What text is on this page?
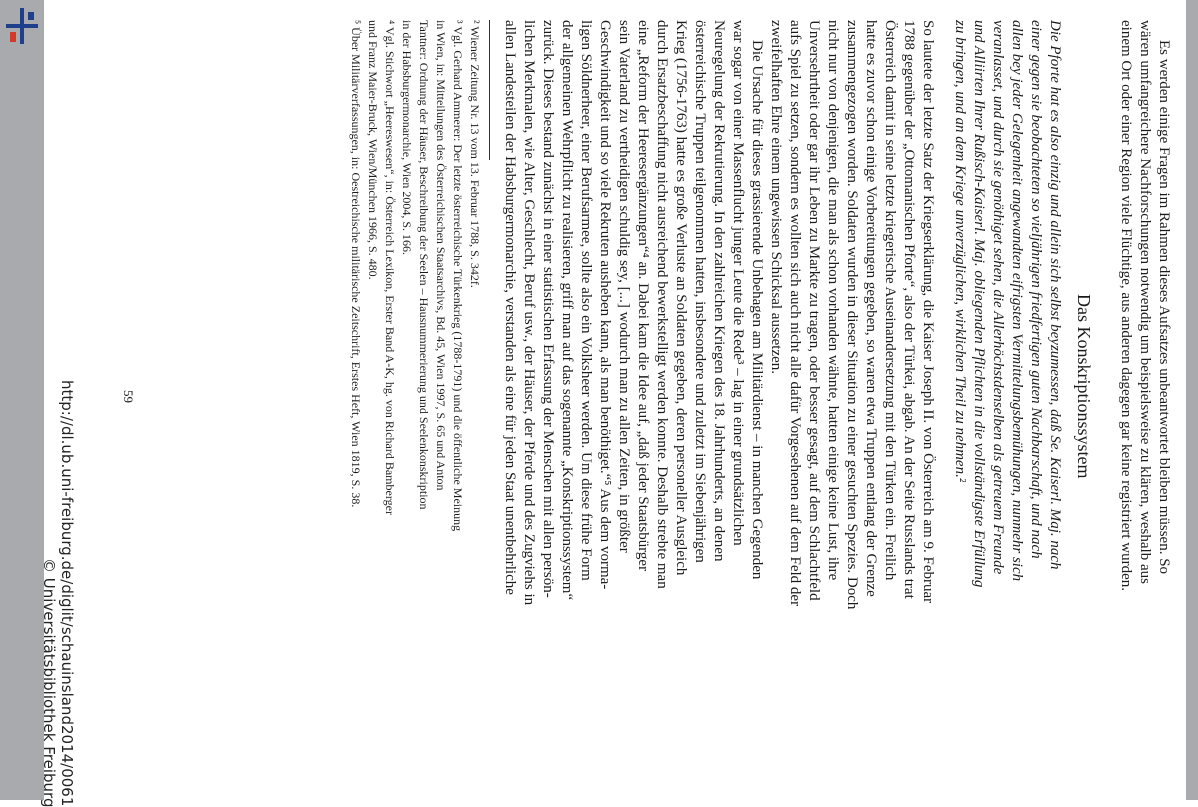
Es werden einige Fragen im Rahmen dieses Aufsatzes unbeantwortet bleiben müssen. So
wären umfangreichere Nachforschungen notwendig um beispielsweise zu klären, weshalb aus
einem Ort oder einer Region viele Flüchtige, aus anderen dagegen gar keine registriert wurden.
Das Konskriptionssystem
Die Pforte hat es also einzig und allein sich selbst beyzumessen, daß Se. Kaiserl. Maj. nach
einer gegen sie beobachteten so vieljährigen friedfertigen guten Nachbarschaft, und nach
allen bey jeder Gelegenheit angewandten eifrigsten Vermittelungsbemühungen, nunmehr sich
veranlasset, und durch sie genöthiget sehen, die Allerhöchstdenselben als getreuem Freunde
und Alliirten Ihrer Rußisch-Kaiserl. Maj. obliegenden Pflichten in die vollständigste Erfüllung
zu bringen, und an dem Kriege unverzüglichen, wirklichen Theil zu nehmen.²
So lautete der letzte Satz der Kriegserklärung, die Kaiser Joseph II. von Österreich am 9. Februar
1788 gegenüber der „Ottomanischen Pforte“, also der Türkei, abgab. An der Seite Russlands trat
Österreich damit in seine letzte kriegerische Auseinandersetzung mit den Türken ein. Freilich
hatte es zuvor schon einige Vorbereitungen gegeben, so waren etwa Truppen entlang der Grenze
zusammengezogen worden. Soldaten wurden in dieser Situation zu einer gesuchten Spezies. Doch
nicht nur von denjenigen, die man als schon vorhanden wähnte, hatten einige keine Lust, ihre
Unversehrtheit oder gar ihr Leben zu Markte zu tragen, oder besser gesagt, auf dem Schlachtfeld
aufs Spiel zu setzen, sondern es wollten sich auch nicht alle dafür Vorgesehenen auf dem Feld der
zweifelhaften Ehre einem ungewissen Schicksal aussetzen.
Die Ursache für dieses grassierende Unbehagen am Militärdienst – in manchen Gegenden
war sogar von einer Massenflucht junger Leute die Rede³ – lag in einer grundsätzlichen
Neuregelung der Rekrutierung. In den zahlreichen Kriegen des 18. Jahrhunderts, an denen
österreichische Truppen teilgenommen hatten, insbesondere und zuletzt im Siebenjährigen
Krieg (1756-1763) hatte es große Verluste an Soldaten gegeben, deren personeller Ausgleich
durch Ersatzbeschaffung nicht ausreichend bewerkstelligt werden konnte. Deshalb strebte man
eine „Reform der Heeresergänzungen“⁴ an. Dabei kam die Idee auf, „daß jeder Staatsbürger
sein Vaterland zu vertheidigen schuldig sey, [...] wodurch man zu allen Zeiten, in größter
Geschwindigkeit und so viele Rekruten ausheben kann, als man benöthiget.“⁵ Aus dem vorma-
ligen Söldnerheer, einer Berufsarmee, sollte also ein Volksheer werden. Um diese frühe Form
der allgemeinen Wehrpflicht zu realisieren, griff man auf das sogenannte „Konskriptionssystem“
zurück. Dieses bestand zunächst in einer statistischen Erfassung der Menschen mit allen persön-
lichen Merkmalen, wie Alter, Geschlecht, Beruf usw., der Häuser, der Pferde und des Zugviehs in
allen Landesteilen der Habsburgermonarchie, verstanden als eine für jeden Staat unentbehrliche
² Wiener Zeitung Nr. 13 vom 13. Februar 1788, S. 342f.
³ Vgl. Gerhard Ammerer: Der letzte österreichische Türkenkrieg (1788-1791) und die öffentliche Meinung
in Wien, in: Mitteilungen des Österreichischen Staatsarchivs, Bd. 45, Wien 1997, S. 65 und Anton
Tantner: Ordnung der Häuser, Beschreibung der Seelen – Hausnummerierung und Seelenkonskription
in der Habsburgermonarchie, Wien 2004, S. 166.
⁴ Vgl. Stichwort „Heereswesen“, in: Österreich Lexikon, Erster Band A-K, hg. von Richard Bamberger
und Franz Maier-Bruck, Wien/München 1966, S. 480.
⁵ Über Militärverfassungen, in: Oestreichische militärische Zeitschrift, Erstes Heft, Wien 1819, S. 38.
59
http://dl.ub.uni-freiburg.de/diglit/schauinsland2014/0061
© Universitätsbibliothek Freiburg
